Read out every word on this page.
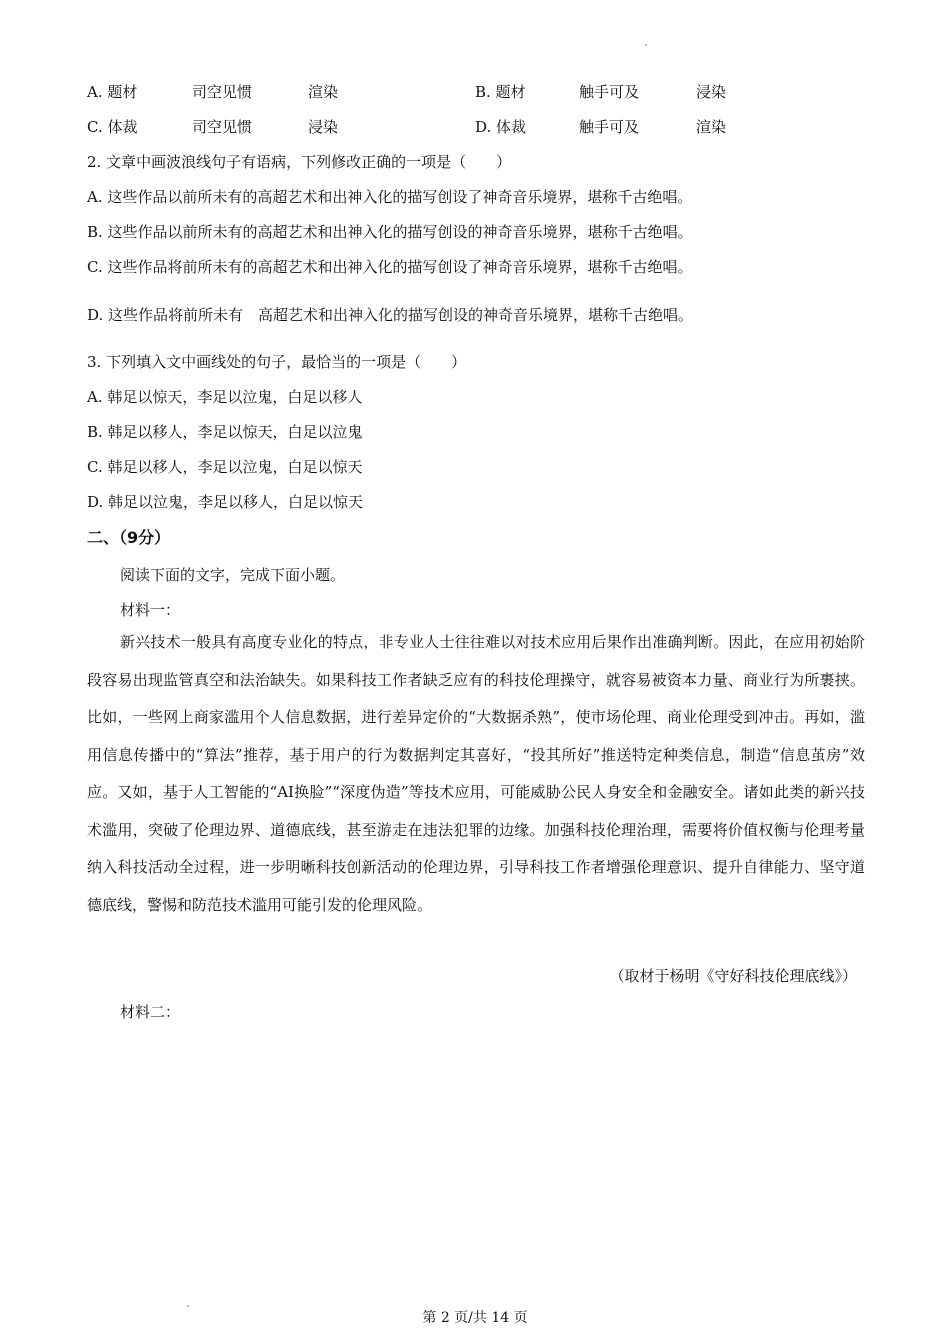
A. 题材	司空见惯	渲染	B. 题材	触手可及	浸染
C. 体裁	司空见惯	浸染	D. 体裁	触手可及	渲染
2. 文章中画波浪线句子有语病，下列修改正确的一项是（　　）
A. 这些作品以前所未有的高超艺术和出神入化的描写创设了神奇音乐境界，堪称千古绝唱。
B. 这些作品以前所未有的高超艺术和出神入化的描写创设的神奇音乐境界，堪称千古绝唱。
C. 这些作品将前所未有的高超艺术和出神入化的描写创设了神奇音乐境界，堪称千古绝唱。
D. 这些作品将前所未有　高超艺术和出神入化的描写创设的神奇音乐境界，堪称千古绝唱。
3. 下列填入文中画线处的句子，最恰当的一项是（　　）
A. 韩足以惊天，李足以泣鬼，白足以移人
B. 韩足以移人，李足以惊天，白足以泣鬼
C. 韩足以移人，李足以泣鬼，白足以惊天
D. 韩足以泣鬼，李足以移人，白足以惊天
二、（9分）
阅读下面的文字，完成下面小题。
材料一：
新兴技术一般具有高度专业化的特点，非专业人士往往难以对技术应用后果作出准确判断。因此，在应用初始阶段容易出现监管真空和法治缺失。如果科技工作者缺乏应有的科技伦理操守，就容易被资本力量、商业行为所裹挟。比如，一些网上商家滥用个人信息数据，进行差异定价的“大数据杀熟”，使市场伦理、商业伦理受到冲击。再如，滥用信息传播中的“算法”推荐，基于用户的行为数据判定其喜好，“投其所好”推送特定种类信息，制造“信息茧房”效应。又如，基于人工智能的“AI换脸”“深度伪造”等技术应用，可能威胁公民人身安全和金融安全。诸如此类的新兴技术滥用，突破了伦理边界、道德底线，甚至游走在违法犯罪的边缘。加强科技伦理治理，需要将价值权衡与伦理考量纳入科技活动全过程，进一步明晰科技创新活动的伦理边界，引导科技工作者增强伦理意识、提升自律能力、坚守道德底线，警惕和防范技术滥用可能引发的伦理风险。
（取材于杨明《守好科技伦理底线》）
材料二：
第 2 页/共 14 页
